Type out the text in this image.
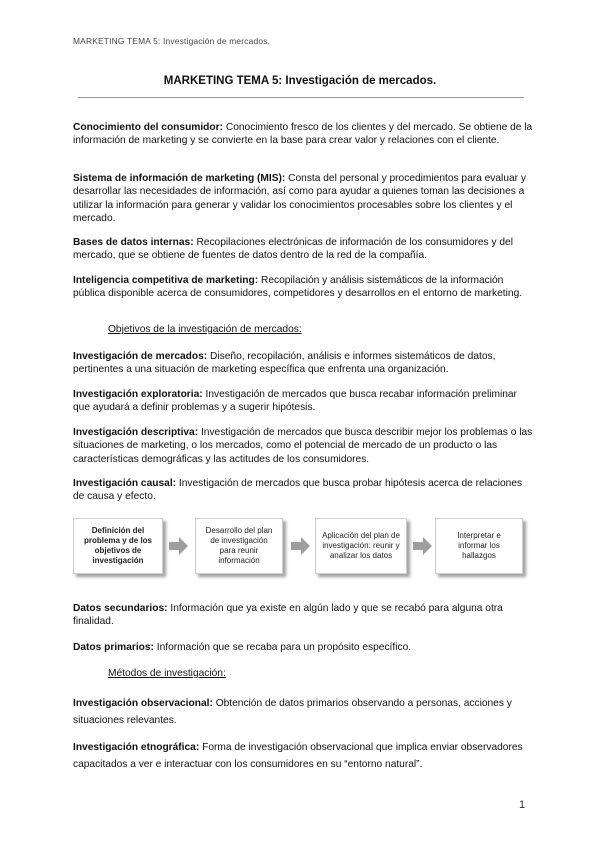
MARKETING TEMA 5: Investigación de mercados.
MARKETING TEMA 5: Investigación de mercados.
Conocimiento del consumidor: Conocimiento fresco de los clientes y del mercado. Se obtiene de la información de marketing y se convierte en la base para crear valor y relaciones con el cliente.
Sistema de información de marketing (MIS): Consta del personal y procedimientos para evaluar y desarrollar las necesidades de información, así como para ayudar a quienes toman las decisiones a utilizar la información para generar y validar los conocimientos procesables sobre los clientes y el mercado.
Bases de datos internas: Recopilaciones electrónicas de información de los consumidores y del mercado, que se obtiene de fuentes de datos dentro de la red de la compañía.
Inteligencia competitiva de marketing: Recopilación y análisis sistemáticos de la información pública disponible acerca de consumidores, competidores y desarrollos en el entorno de marketing.
Objetivos de la investigación de mercados:
Investigación de mercados: Diseño, recopilación, análisis e informes sistemáticos de datos, pertinentes a una situación de marketing específica que enfrenta una organización.
Investigación exploratoria: Investigación de mercados que busca recabar información preliminar que ayudará a definir problemas y a sugerir hipótesis.
Investigación descriptiva: Investigación de mercados que busca describir mejor los problemas o las situaciones de marketing, o los mercados, como el potencial de mercado de un producto o las características demográficas y las actitudes de los consumidores.
Investigación causal: Investigación de mercados que busca probar hipótesis acerca de relaciones de causa y efecto.
Definición del problema y de los objetivos de investigación
Desarrollo del plan de investigación para reunir información
Aplicación del plan de investigación: reunir y analizar los datos
Interpretar e informar los hallazgos
Datos secundarios: Información que ya existe en algún lado y que se recabó para alguna otra finalidad.
Datos primarios: Información que se recaba para un propósito específico.
Métodos de investigación:
Investigación observacional: Obtención de datos primarios observando a personas, acciones y situaciones relevantes.
Investigación etnográfica: Forma de investigación observacional que implica enviar observadores capacitados a ver e interactuar con los consumidores en su “entorno natural”.
1
